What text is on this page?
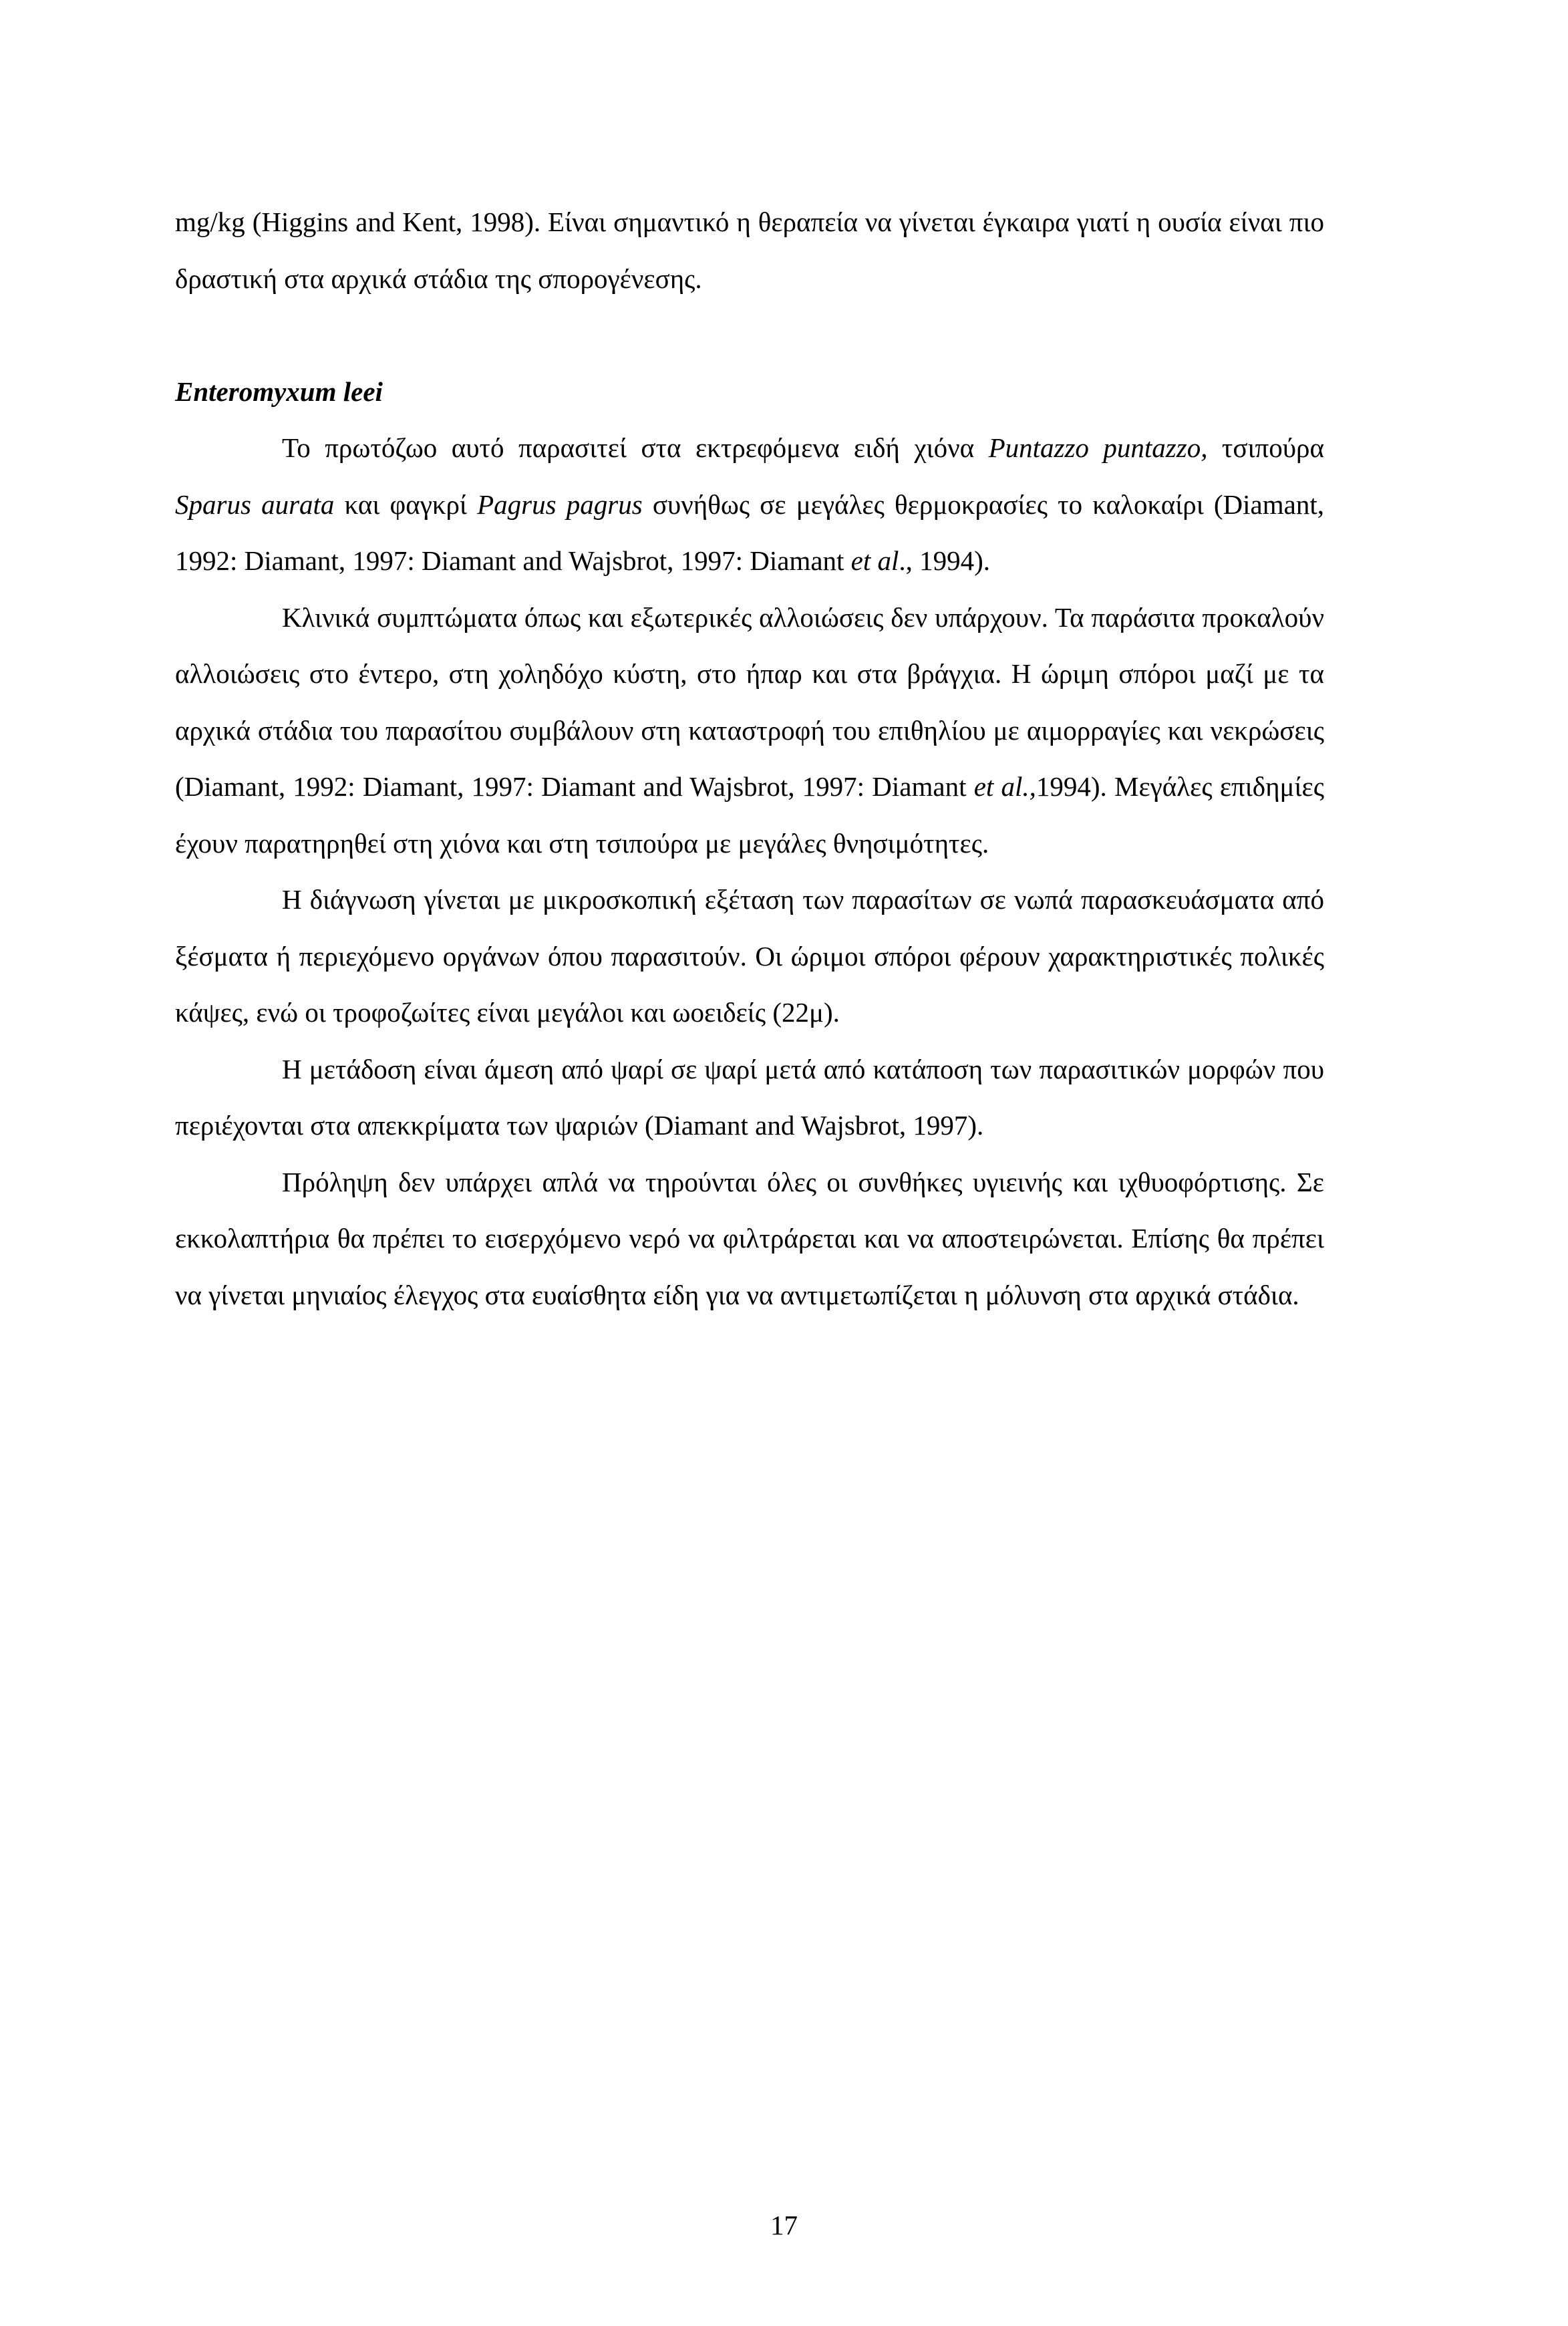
mg/kg (Higgins and Kent, 1998). Είναι σημαντικό η θεραπεία να γίνεται έγκαιρα γιατί η ουσία είναι πιο δραστική στα αρχικά στάδια της σπορογένεσης.

Enteromyxum leei

Το πρωτόζωο αυτό παρασιτεί στα εκτρεφόμενα ειδή χιόνα Puntazzo puntazzo, τσιπούρα Sparus aurata και φαγκρί Pagrus pagrus συνήθως σε μεγάλες θερμοκρασίες το καλοκαίρι (Diamant, 1992: Diamant, 1997: Diamant and Wajsbrot, 1997: Diamant et al., 1994).

Κλινικά συμπτώματα όπως και εξωτερικές αλλοιώσεις δεν υπάρχουν. Τα παράσιτα προκαλούν αλλοιώσεις στο έντερο, στη χοληδόχο κύστη, στο ήπαρ και στα βράγχια. Η ώριμη σπόροι μαζί με τα αρχικά στάδια του παρασίτου συμβάλουν στη καταστροφή του επιθηλίου με αιμορραγίες και νεκρώσεις (Diamant, 1992: Diamant, 1997: Diamant and Wajsbrot, 1997: Diamant et al.,1994). Μεγάλες επιδημίες έχουν παρατηρηθεί στη χιόνα και στη τσιπούρα με μεγάλες θνησιμότητες.

Η διάγνωση γίνεται με μικροσκοπική εξέταση των παρασίτων σε νωπά παρασκευάσματα από ξέσματα ή περιεχόμενο οργάνων όπου παρασιτούν. Οι ώριμοι σπόροι φέρουν χαρακτηριστικές πολικές κάψες, ενώ οι τροφοζωίτες είναι μεγάλοι και ωοειδείς (22μ).

Η μετάδοση είναι άμεση από ψαρί σε ψαρί μετά από κατάποση των παρασιτικών μορφών που περιέχονται στα απεκκρίματα των ψαριών (Diamant and Wajsbrot, 1997).

Πρόληψη δεν υπάρχει απλά να τηρούνται όλες οι συνθήκες υγιεινής και ιχθυοφόρτισης. Σε εκκολαπτήρια θα πρέπει το εισερχόμενο νερό να φιλτράρεται και να αποστειρώνεται. Επίσης θα πρέπει να γίνεται μηνιαίος έλεγχος στα ευαίσθητα είδη για να αντιμετωπίζεται η μόλυνση στα αρχικά στάδια.

17
